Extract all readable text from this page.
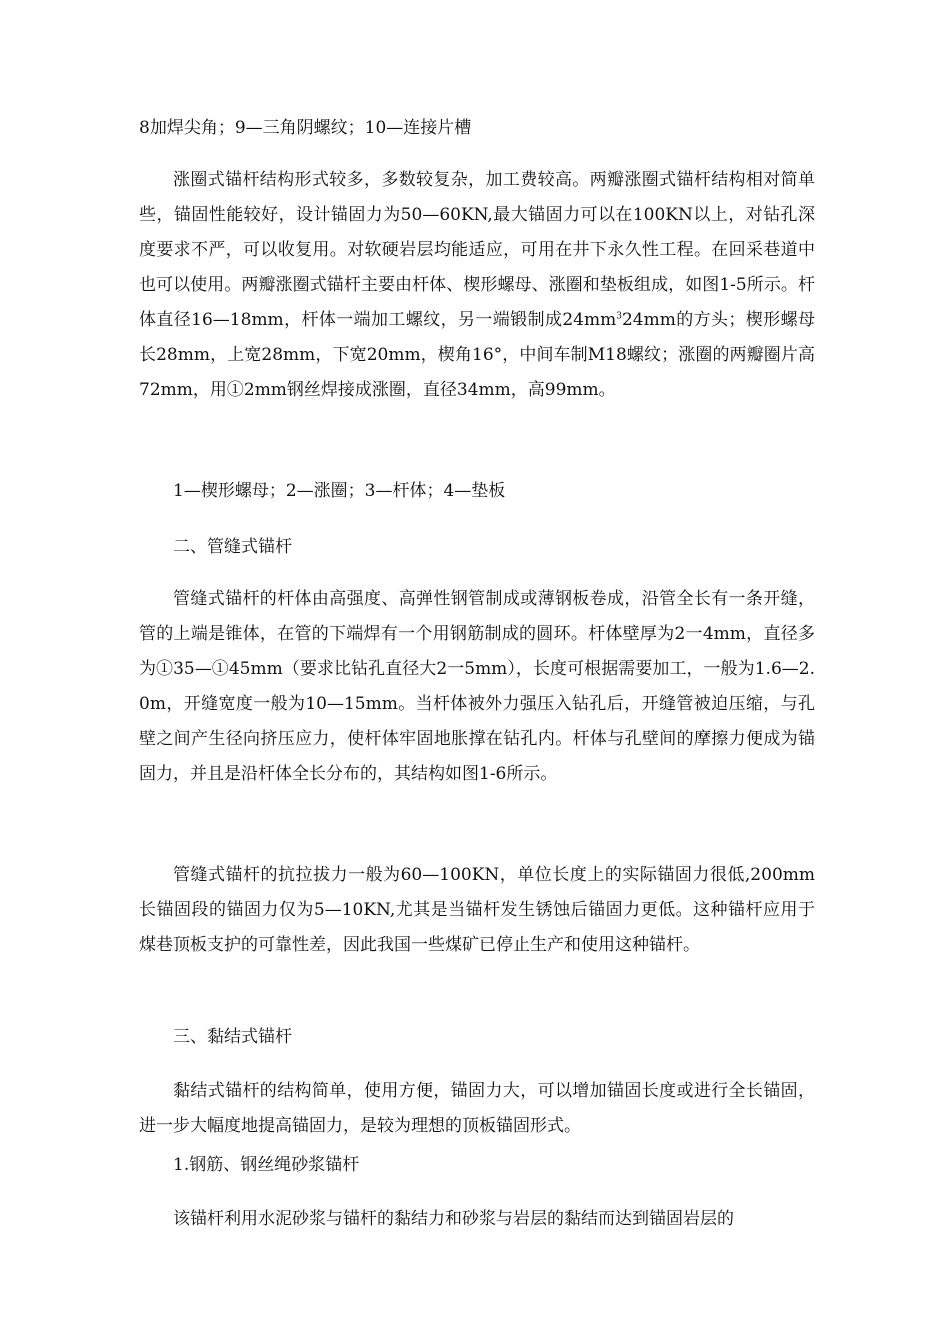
8加焊尖角；9—三角阴螺纹；10—连接片槽

涨圈式锚杆结构形式较多，多数较复杂，加工费较高。两瓣涨圈式锚杆结构相对简单些，锚固性能较好，设计锚固力为50—60KN,最大锚固力可以在100KN以上，对钻孔深度要求不严，可以收复用。对软硬岩层均能适应，可用在井下永久性工程。在回采巷道中也可以使用。两瓣涨圈式锚杆主要由杆体、楔形螺母、涨圈和垫板组成，如图1-5所示。杆体直径16—18mm，杆体一端加工螺纹，另一端锻制成$24mm^324mm$的方头；楔形螺母长28mm，上宽28mm，下宽20mm，楔角16°，中间车制M18螺纹；涨圈的两瓣圈片高72mm，用①2mm钢丝焊接成涨圈，直径34mm，高99mm。

1—楔形螺母；2—涨圈；3—杆体；4—垫板

二、管缝式锚杆

管缝式锚杆的杆体由高强度、高弹性钢管制成或薄钢板卷成，沿管全长有一条开缝，管的上端是锥体，在管的下端焊有一个用钢筋制成的圆环。杆体壁厚为2一4mm，直径多为①35—①45mm（要求比钻孔直径大2一5mm），长度可根据需要加工，一般为1.6—2.0m，开缝宽度一般为10—15mm。当杆体被外力强压入钻孔后，开缝管被迫压缩，与孔壁之间产生径向挤压应力，使杆体牢固地胀撑在钻孔内。杆体与孔壁间的摩擦力便成为锚固力，并且是沿杆体全长分布的，其结构如图1-6所示。

管缝式锚杆的抗拉拔力一般为60—100KN，单位长度上的实际锚固力很低,200mm长锚固段的锚固力仅为5—10KN,尤其是当锚杆发生锈蚀后锚固力更低。这种锚杆应用于煤巷顶板支护的可靠性差，因此我国一些煤矿已停止生产和使用这种锚杆。

三、黏结式锚杆

黏结式锚杆的结构简单，使用方便，锚固力大，可以增加锚固长度或进行全长锚固，进一步大幅度地提高锚固力，是较为理想的顶板锚固形式。

1.钢筋、钢丝绳砂浆锚杆

该锚杆利用水泥砂浆与锚杆的黏结力和砂浆与岩层的黏结而达到锚固岩层的
